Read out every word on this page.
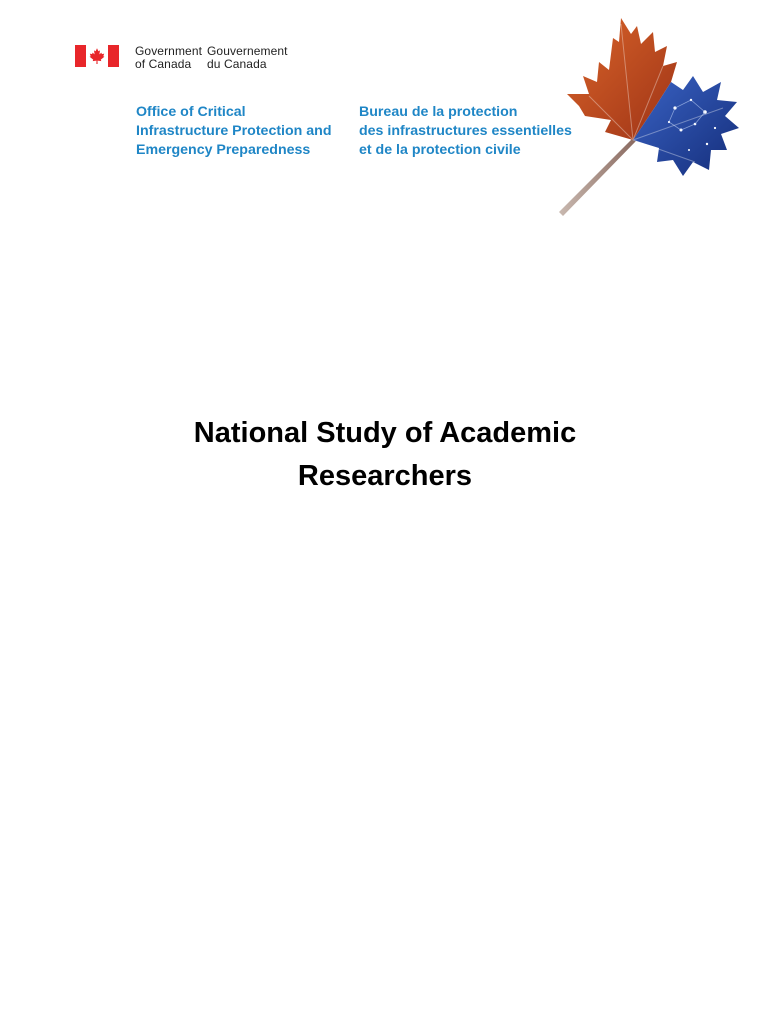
Government
of Canada
Gouvernement
du Canada
Office of Critical
Infrastructure Protection and
Emergency Preparedness
Bureau de la protection
des infrastructures essentielles
et de la protection civile
National Study of Academic
Researchers
